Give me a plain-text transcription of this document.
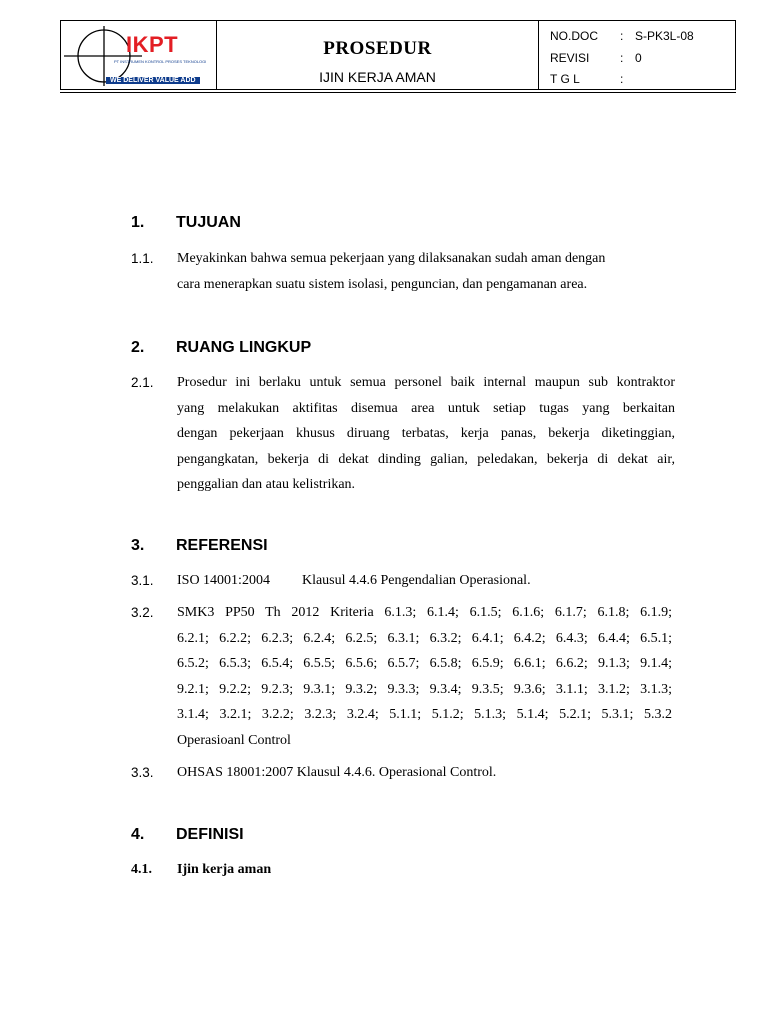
IKPT
PT INSTRUMEN KONTROL PROSES TEKNOLOGI
WE DELIVER VALUE ADD
PROSEDUR
IJIN KERJA AMAN
NO.DOC : S-PK3L-08
REVISI	: 0
T G L	:
1. TUJUAN
1.1. Meyakinkan bahwa semua pekerjaan yang dilaksanakan sudah aman dengan
cara menerapkan suatu sistem isolasi, penguncian, dan pengamanan area.
2. RUANG LINGKUP
2.1. Prosedur ini berlaku untuk semua personel baik internal maupun sub kontraktor
yang melakukan aktifitas disemua area untuk setiap tugas yang berkaitan
dengan pekerjaan khusus diruang terbatas, kerja panas, bekerja diketinggian,
pengangkatan, bekerja di dekat dinding galian, peledakan, bekerja di dekat air,
penggalian dan atau kelistrikan.
3. REFERENSI
3.1. ISO 14001:2004 Klausul 4.4.6 Pengendalian Operasional.
3.2. SMK3 PP50 Th 2012 Kriteria 6.1.3; 6.1.4; 6.1.5; 6.1.6; 6.1.7; 6.1.8; 6.1.9;
6.2.1; 6.2.2; 6.2.3; 6.2.4; 6.2.5; 6.3.1; 6.3.2; 6.4.1; 6.4.2; 6.4.3; 6.4.4; 6.5.1;
6.5.2; 6.5.3; 6.5.4; 6.5.5; 6.5.6; 6.5.7; 6.5.8; 6.5.9; 6.6.1; 6.6.2; 9.1.3; 9.1.4;
9.2.1; 9.2.2; 9.2.3; 9.3.1; 9.3.2; 9.3.3; 9.3.4; 9.3.5; 9.3.6; 3.1.1; 3.1.2; 3.1.3;
3.1.4; 3.2.1; 3.2.2; 3.2.3; 3.2.4; 5.1.1; 5.1.2; 5.1.3; 5.1.4; 5.2.1; 5.3.1; 5.3.2
Operasioanl Control
3.3. OHSAS 18001:2007 Klausul 4.4.6. Operasional Control.
4. DEFINISI
4.1. Ijin kerja aman
